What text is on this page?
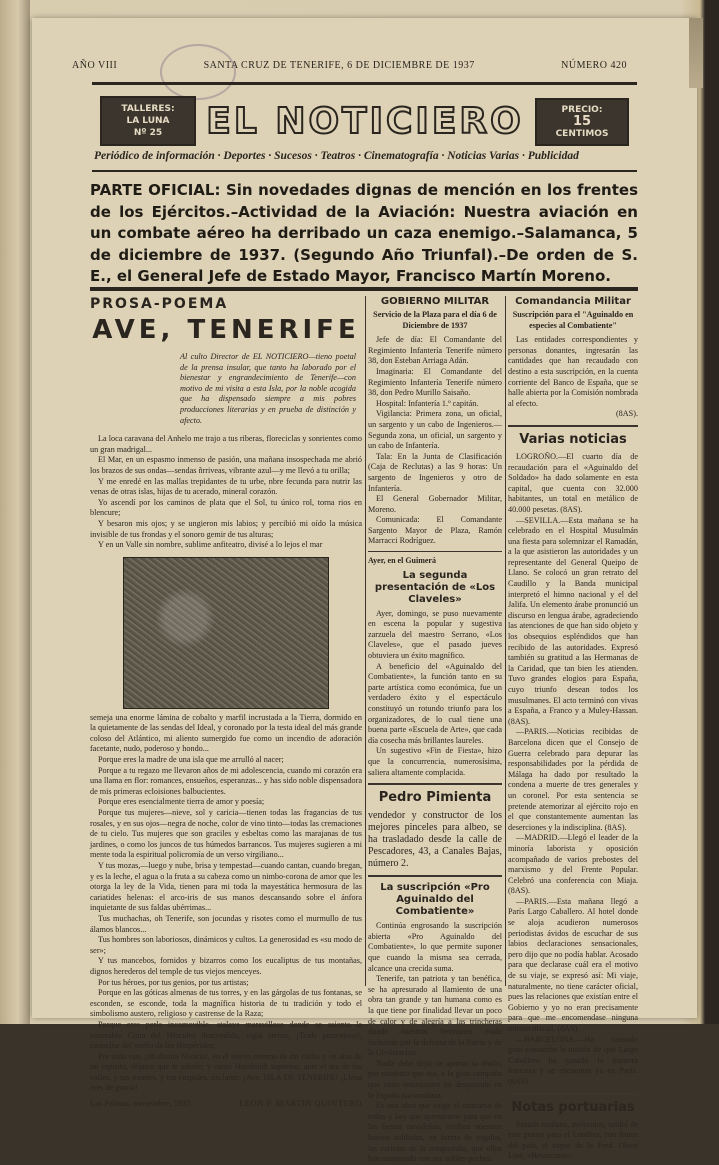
AÑO VIII	SANTA CRUZ DE TENERIFE, 6 DE DICIEMBRE DE 1937	NÚMERO 420
TALLERES:
LA LUNA
Nº 25 EL NOTICIERO	PRECIO:
15
CENTIMOS
Periódico de información · Deportes · Sucesos · Teatros · Cinematografía · Noticias Varias · Publicidad
PARTE OFICIAL: Sin novedades dignas de mención en los frentes de los Ejércitos.–Actividad de la Aviación: Nuestra aviación en un combate aéreo ha derribado un caza enemigo.–Salamanca, 5 de diciembre de 1937. (Segundo Año Triunfal).–De orden de S. E., el General Jefe de Estado Mayor, Francisco Martín Moreno.
PROSA-POEMA
AVE, TENERIFE
Al culto Director de EL NOTICIERO—tieno poetal de la prensa insular, que tanto ha laborado por el bienestar y engrandecimiento de Tenerife—con motivo de mi visita a esta Isla, por la noble acogida que ha dispensado siempre a mis pobres producciones literarias y en prueba de distinción y afecto.

La loca caravana del Anhelo me trajo a tus riberas, floreciclas y sonrientes como un gran madrigal...

El Mar, en un espasmo inmenso de pasión, una mañana insospechada me abrió los brazos de sus ondas—sendas ñrriveas, vibrante azul—y me llevó a tu orilla;

Y me enredé en las mallas trepidantes de tu urbe, nbre fecunda para nutrir las venas de otras islas, hijas de tu acerado, mineral corazón.

Yo ascendí por los caminos de plata que el Sol, tu único rol, torna rios en blencure;

Y besaron mis ojos; y se ungieron mis labios; y percibió mi oído la música invisible de tus frondas y el sonoro gemir de tus alturas;

Y en un Valle sin nombre, sublime anfiteatro, divisé a lo lejos el mar

semeja una enorme lámina de cobalto y marfil incrustada a la Tierra, dormido en la quietamente de las sendas del Ideal, y coronado por la testa ideal del más grande coloso del Atlántico, mi aliento sumergido fue como un incendio de adoración facetante, nudo, poderoso y hondo...

Porque eres la madre de una isla que me arrulló al nacer;

Porque a tu regazo me llevaron años de mi adolescencia, cuando mi corazón era una llama en flor: romances, ensueños, esperanzas... y has sido noble dispensadora de mis primeras ecloisiones balbucientes.

Porque eres esencialmente tierra de amor y poesía;

Porque tus mujeres—nieve, sol y caricia—tienen todas las fragancias de tus rosales, y en sus ojos—negra de noche, color de vino tinto—todas las cremaciones de tu cielo. Tus mujeres que son graciles y esbeltas como las marajanas de tus jardines, o como los juncos de tus húmedos barrancos. Tus mujeres sugieren a mi mente toda la espiritual policromía de un verso virgiliano...

Y tus mozas,—luego y nube, brisa y tempestad—cuando cantan, cuando bregan, y es la leche, el agua o la fruta a su cabeza como un nimbo-corona de amor que les otorga la ley de la Vida, tienen para mi toda la mayestática hermosura de las cariatides helenas: el arco-iris de sus manos descansando sobre el ánfora inquietante de sus faldas ubérrimas...

Tus muchachas, oh Tenerife, son jocundas y risotes como el murmullo de tus álamos blancos...

Tus hombres son laboriosos, dinámicos y cultos. La generosidad es «su modo de ser»;

Y tus mancebos, fornidos y bizarros como los eucaliptus de tus montañas, dignos herederos del temple de tus viejos menceyes.

Por tus héroes, por tus genios, por tus artistas;

Porque en las góticas almenas de tus torres, y en las gárgolas de tus fontanas, se esconden, se esconde, toda la magnífica historia de tu tradición y todo el simbolismo austero, religioso y castrense de la Raza;

Porque eres perla incomovible, atalaya maravillosa donde se asienta la venerable Cima del Hércules descendido, vigía eterno, ¡Teide portentoso!, custodiar del sueño de las Hespérides;

Por todo eso, ¡oh divina Nivaria!, en el nuevo retorno de mi exilio y en alas de mi espíritu, déjame que te salude; y como Humboldt supremo, ante el ara de tus valles, y tus montes, y tus cuspides, exclame: ¡Ave, ISLA DE TENERIFE! ¡Llena eres de gracia!

Las Palmas, noviembre, 1937.	LEON P. MARTIN QUINTERO
GOBIERNO MILITAR
Servicio de la Plaza para el día 6 de Diciembre de 1937

Jefe de día: El Comandante del Regimiento Infantería Tenerife número 38, don Esteban Arriaga Adán.

Imaginaria: El Comandante del Regimiento Infantería Tenerife número 38, don Pedro Murillo Saisaño.

Hospital: Infantería 1.º capitán.

Vigilancia: Primera zona, un oficial, un sargento y un cabo de Ingenieros.—Segunda zona, un oficial, un sargento y un cabo de Infantería.

Tala: En la Junta de Clasificación (Caja de Reclutas) a las 9 horas: Un sargento de Ingenieros y otro de Infantería.

El General Gobernador Militar, Moreno.

Comunicada: El Comandante Sargento Mayor de Plaza, Ramón Marracci Rodríguez.

Ayer, en el Guimerá
La segunda presentación de «Los Claveles»

Ayer, domingo, se puso nuevamente en escena la popular y sugestiva zarzuela del maestro Serrano, «Los Claveles», que el pasado jueves obtuviera un éxito magnífico.

A beneficio del «Aguinaldo del Combatiente», la función tanto en su parte artística como económica, fue un verdadero éxito y el espectáculo constituyó un rotundo triunfo para los organizadores, de lo cual tiene una buena parte «Escuela de Arte», que cada día cosecha más brillantes laureles.

Un sugestivo «Fin de Fiesta», hizo que la concurrencia, numerosísima, saliera altamente complacida.

Pedro Pimienta
vendedor y constructor de los mejores pinceles para albeo, se ha trasladado desde la calle de Pescadores, 43, a Canales Bajas, número 2.
La suscripción «Pro Aguinaldo del Combatiente»

Continúa engrosando la suscripción abierta «Pro Aguinaldo del Combatiente», lo que permite suponer que cuando la misma sea cerrada, alcance una crecida suma.

Tenerife, tan patriota y tan benéfica, se ha apresurado al llamiento de una obra tan grande y tan humana como es la que tiene por finalidad llevar un poco de calor y de alegría a las trincheras donde nuestros hermanos están luchando por la defensa de la Patria y de la Civilización.

Nadie debe dejar de aportar su óbolo, por modesto que sea, a la gran campaña que tanto entusiasmo ha despertado en la España nacionalista.

Es una obra que exige el concurso de todos y hay que apresurarse para que en las fiestas navideñas, reciban nuestros bravos soldados, en forma de regalos, las caricias de la retaguardia, que ellos han mantenido con sus nobles pechos.

Comandancia Militar
Suscripción para el "Aguinaldo en especies al Combatiente"

Las entidades correspondientes y personas donantes, ingresarán las cantidades que han recaudado con destino a esta suscripción, en la cuenta corriente del Banco de España, que se halle abierta por la Comisión nombrada al efecto.

(8AS).
Varias noticias

LOGROÑO.—El cuarto día de recaudación para el «Aguinaldo del Soldado» ha dado solamente en esta capital, que cuenta con 32.000 habitantes, un total en metálico de 40.000 pesetas. (8AS).

—SEVILLA.—Esta mañana se ha celebrado en el Hospital Musulmán una fiesta para solemnizar el Ramadán, a la que asistieron las autoridades y un representante del General Queipo de Llano. Se colocó un gran retrato del Caudillo y la Banda municipal interpretó el himno nacional y el del Jalifa. Un elemento árabe pronunció un discurso en lengua árabe, agradeciendo las atenciones de que han sido objeto y los obsequios espléndidos que han recibido de las autoridades. Expresó también su gratitud a las Hermanas de la Caridad, que tan bien les atienden. Tuvo grandes elogios para España, cuyo triunfo desean todos los musulmanes. El acto terminó con vivas a España, a Franco y a Muley-Hassan. (8AS).

—PARIS.—Noticias recibidas de Barcelona dicen que el Consejo de Guerra celebrado para depurar las responsabilidades por la pérdida de Málaga ha dado por resultado la condena a muerte de tres generales y un coronel. Por esta sentencia se pretende atemorizar al ejército rojo en el que constantemente aumentan las deserciones y la indisciplina. (8AS).

—MADRID.—Llegó el leader de la minoría laborista y oposición acompañado de varios prebostes del marxismo y del Frente Popular. Celebró una conferencia con Miaja. (8AS).

—PARIS.—Esta mañana llegó a París Largo Caballero. Al hotel donde se aloja acudieron numerosos periodistas ávidos de escuchar de sus labios declaraciones sensacionales, pero dijo que no podía hablar. Acosado para que declarase cuál era el motivo de su viaje, se expresó así: Mi viaje, naturalmente, no tiene carácter oficial, pues las relaciones que existían entre el Gobierno y yo no eran precisamente para que me encomendase ninguna misión oficial. (8AS).

—BARCELONA.—Ha causado gran sensación la noticia de que Largo Caballero ha ganado la frontera francesa y se encuentra ya en París. (8AS).

Notas portuarias

Pasado mañana, miércoles, saldrá de este puerto para el Londres, con frutos del país, el vapor de la Fred. Olsen Line, «Betancuria».
